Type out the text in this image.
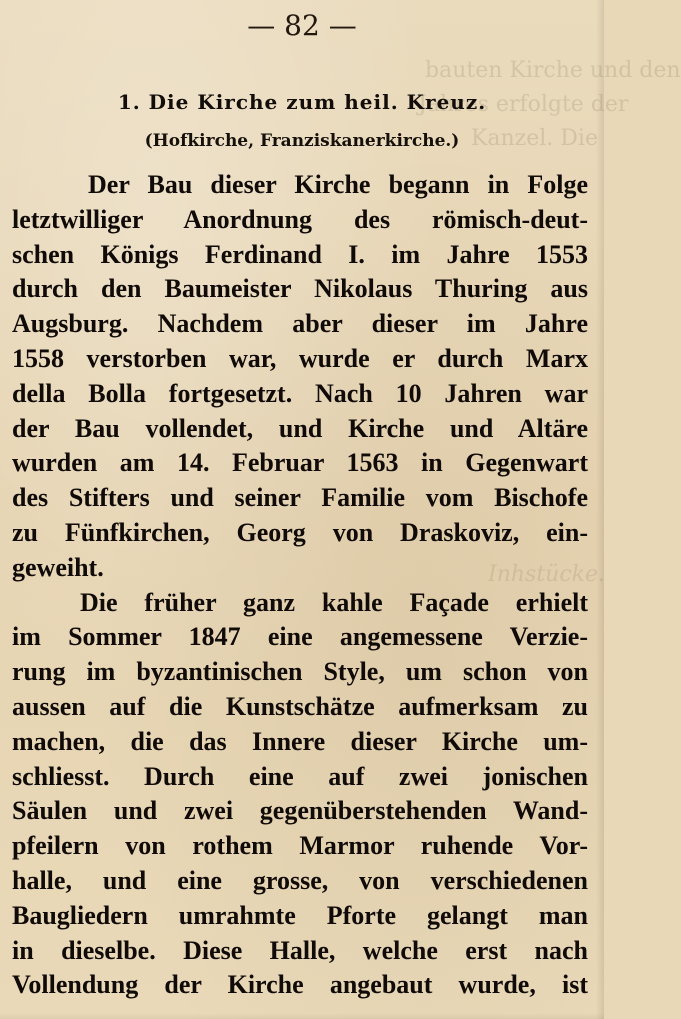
bauten Kirche und den
Jahres erfolgte der
Kanzel. Die
Inhstücke.
— 82 —
1. Die Kirche zum heil. Kreuz.
(Hofkirche, Franziskanerkirche.)
Der Bau dieser Kirche begann in Folge
letztwilliger Anordnung des römisch-deut-
schen Königs Ferdinand I. im Jahre 1553
durch den Baumeister Nikolaus Thuring aus
Augsburg. Nachdem aber dieser im Jahre
1558 verstorben war, wurde er durch Marx
della Bolla fortgesetzt. Nach 10 Jahren war
der Bau vollendet, und Kirche und Altäre
wurden am 14. Februar 1563 in Gegenwart
des Stifters und seiner Familie vom Bischofe
zu Fünfkirchen, Georg von Draskoviz, ein-
geweiht.
Die früher ganz kahle Façade erhielt
im Sommer 1847 eine angemessene Verzie-
rung im byzantinischen Style, um schon von
aussen auf die Kunstschätze aufmerksam zu
machen, die das Innere dieser Kirche um-
schliesst. Durch eine auf zwei jonischen
Säulen und zwei gegenüberstehenden Wand-
pfeilern von rothem Marmor ruhende Vor-
halle, und eine grosse, von verschiedenen
Baugliedern umrahmte Pforte gelangt man
in dieselbe. Diese Halle, welche erst nach
Vollendung der Kirche angebaut wurde, ist
